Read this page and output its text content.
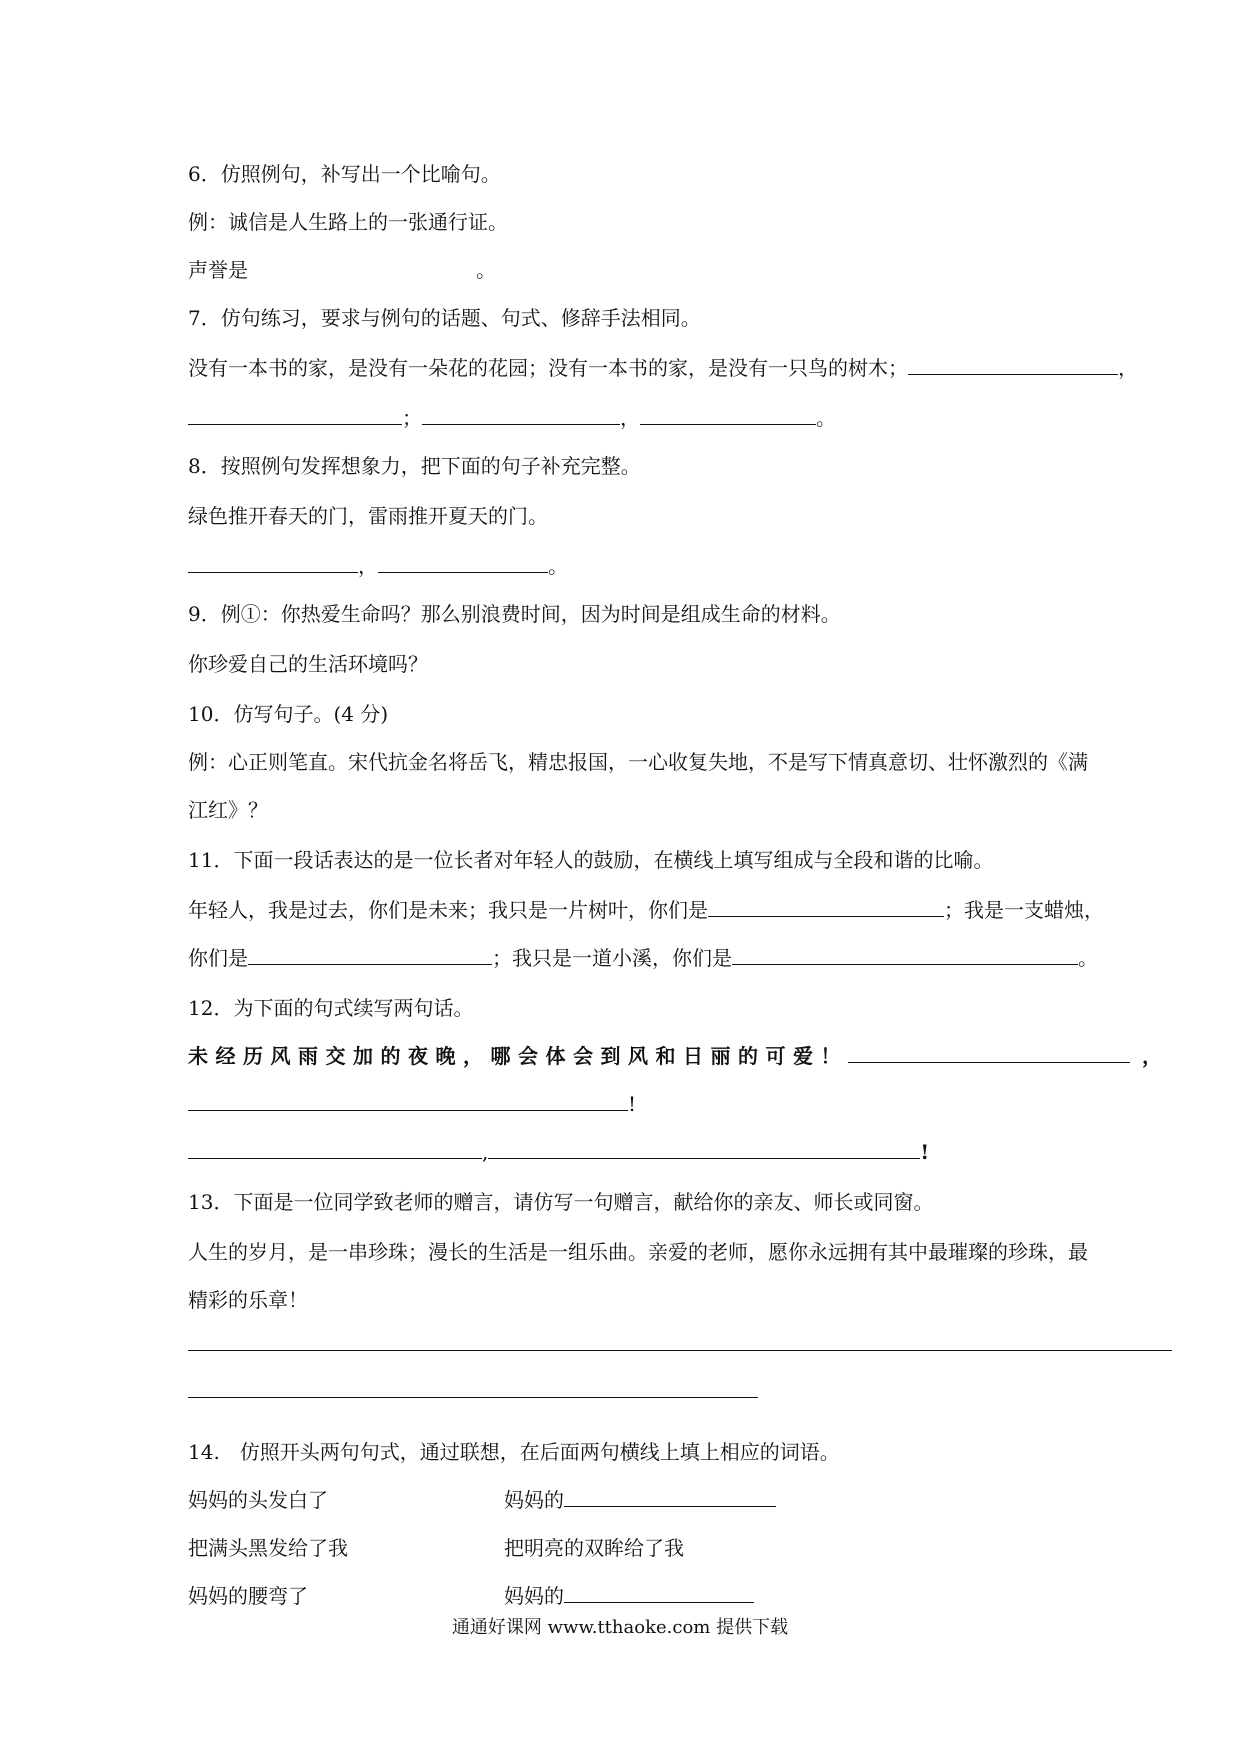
6．仿照例句，补写出一个比喻句。
例：诚信是人生路上的一张通行证。
声誉是	。
7．仿句练习，要求与例句的话题、句式、修辞手法相同。
没有一本书的家，是没有一朵花的花园；没有一本书的家，是没有一只鸟的树木；	，
；	，	。
8．按照例句发挥想象力，把下面的句子补充完整。
绿色推开春天的门，雷雨推开夏天的门。
，	。
9．例①：你热爱生命吗？那么别浪费时间，因为时间是组成生命的材料。
你珍爱自己的生活环境吗？
10．仿写句子。(4 分)
例：心正则笔直。宋代抗金名将岳飞，精忠报国，一心收复失地，不是写下情真意切、壮怀激烈的《满
江红》？
11．下面一段话表达的是一位长者对年轻人的鼓励，在横线上填写组成与全段和谐的比喻。
年轻人，我是过去，你们是未来；我只是一片树叶，你们是	；我是一支蜡烛，
你们是	；我只是一道小溪，你们是	。
12．为下面的句式续写两句话。
未经历风雨交加的夜晚，哪会体会到风和日丽的可爱！	，
!
,	!
13．下面是一位同学致老师的赠言，请仿写一句赠言，献给你的亲友、师长或同窗。
人生的岁月，是一串珍珠；漫长的生活是一组乐曲。亲爱的老师，愿你永远拥有其中最璀璨的珍珠，最
精彩的乐章！
14.　仿照开头两句句式，通过联想，在后面两句横线上填上相应的词语。
妈妈的头发白了	妈妈的
把满头黑发给了我	把明亮的双眸给了我
妈妈的腰弯了	妈妈的
通通好课网 www.tthaoke.com 提供下载
